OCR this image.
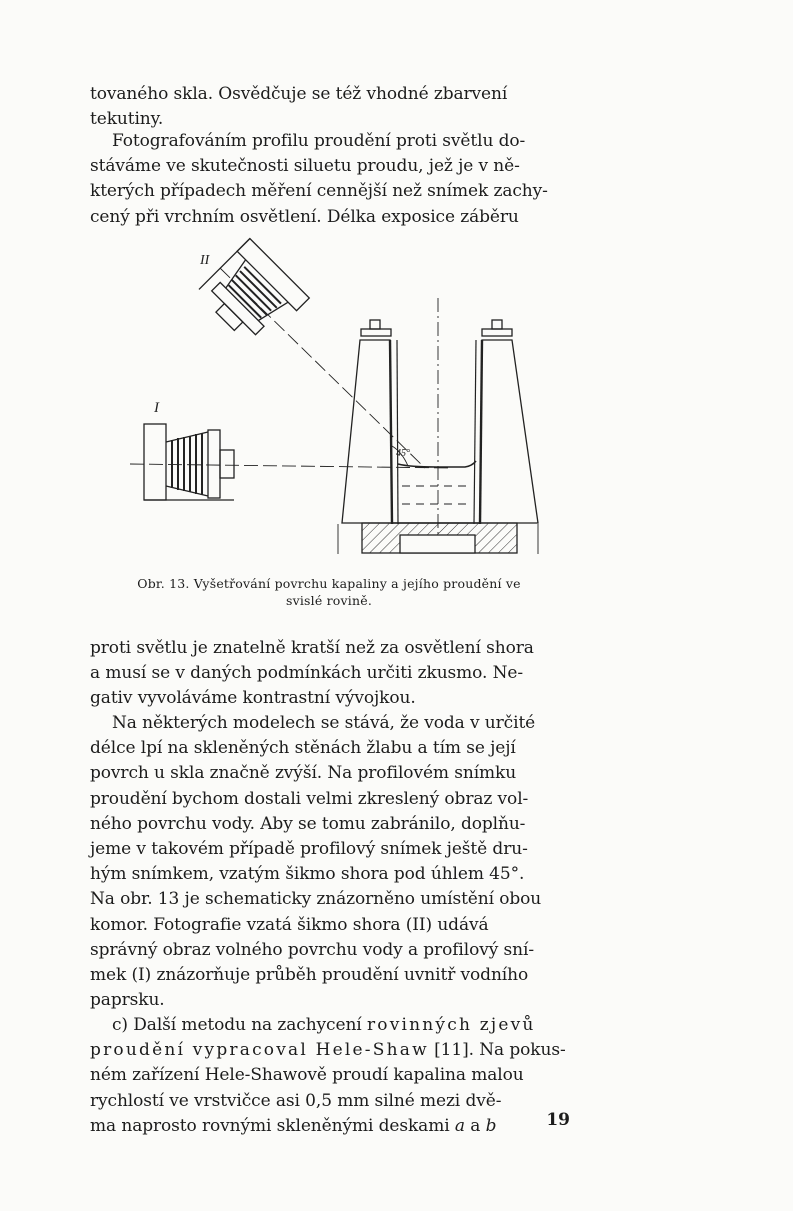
tovaného skla. Osvědčuje se též vhodné zbarvení
tekutiny.

Fotografováním profilu proudění proti světlu do-
stáváme ve skutečnosti siluetu proudu, jež je v ně-
kterých případech měření cennější než snímek zachy-
cený při vrchním osvětlení. Délka exposice záběru

II
I
45°

Obr. 13. Vyšetřování povrchu kapaliny a jejího proudění ve
svislé rovině.

proti světlu je znatelně kratší než za osvětlení shora
a musí se v daných podmínkách určiti zkusmo. Ne-
gativ vyvoláváme kontrastní vývojkou.

Na některých modelech se stává, že voda v určité
délce lpí na skleněných stěnách žlabu a tím se její
povrch u skla značně zvýší. Na profilovém snímku
proudění bychom dostali velmi zkreslený obraz vol-
ného povrchu vody. Aby se tomu zabránilo, doplňu-
jeme v takovém případě profilový snímek ještě dru-
hým snímkem, vzatým šikmo shora pod úhlem 45°.
Na obr. 13 je schematicky znázorněno umístění obou
komor. Fotografie vzatá šikmo shora (II) udává
správný obraz volného povrchu vody a profilový sní-
mek (I) znázorňuje průběh proudění uvnitř vodního
paprsku.

c) Další metodu na zachycení rovinných zjevů
proudění vypracoval Hele-Shaw [11]. Na pokus-
ném zařízení Hele-Shawově proudí kapalina malou
rychlostí ve vrstvičce asi 0,5 mm silné mezi dvě-
ma naprosto rovnými skleněnými deskami a a b	19
